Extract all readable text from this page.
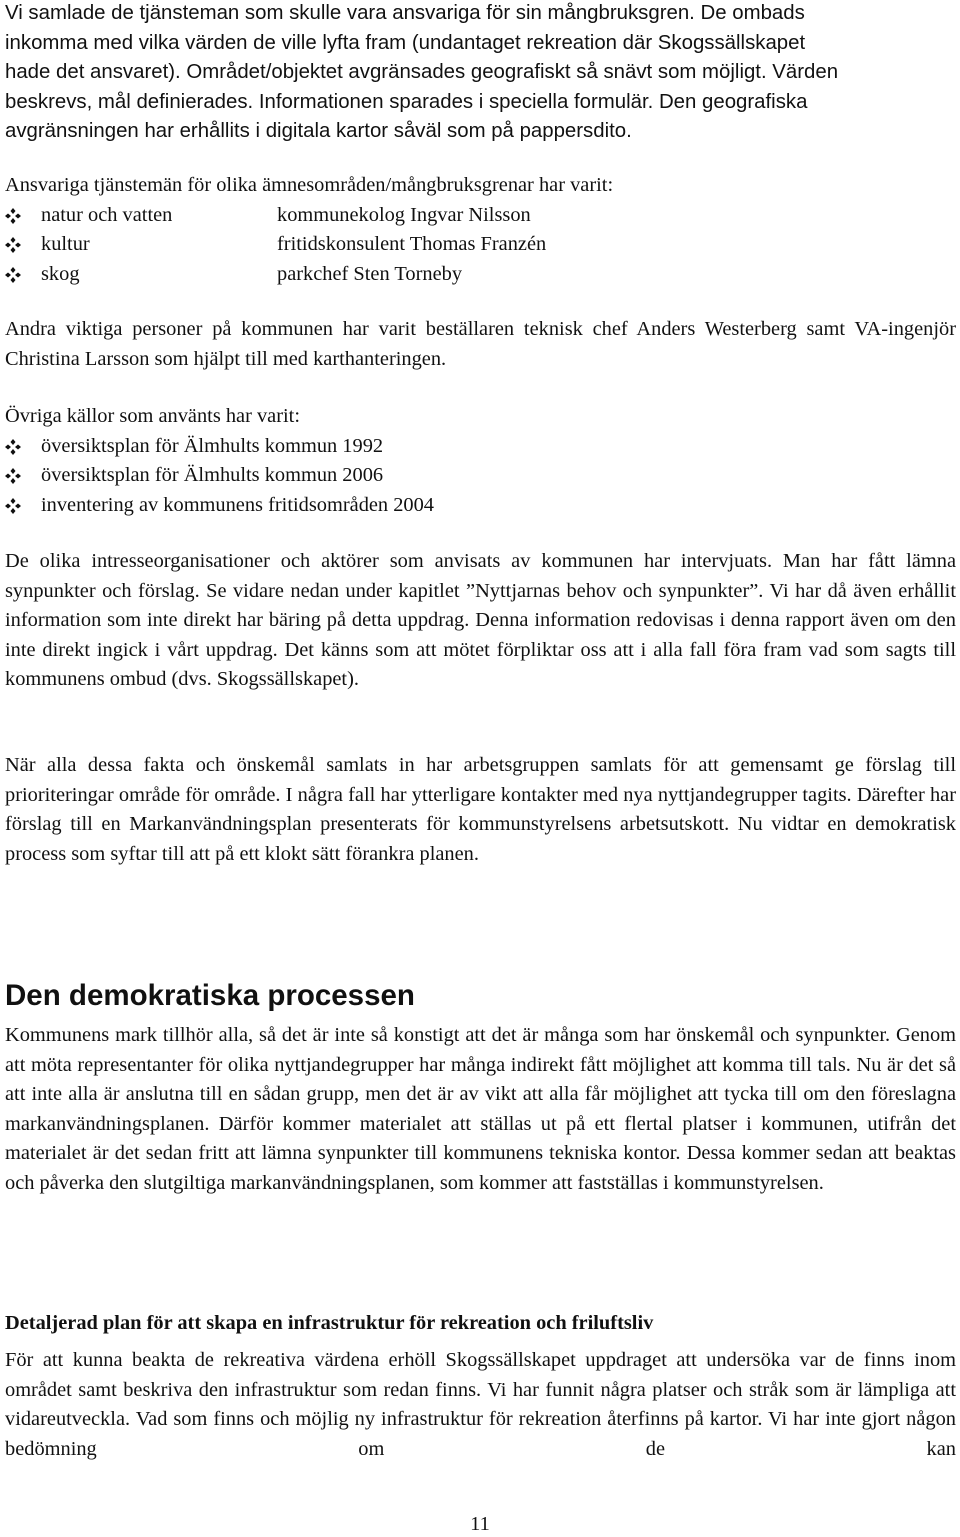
Vi samlade de tjänsteman som skulle vara ansvariga för sin mångbruksgren. De ombads
inkomma med vilka värden de ville lyfta fram (undantaget rekreation där Skogssällskapet
hade det ansvaret). Området/objektet avgränsades geografiskt så snävt som möjligt. Värden
beskrevs, mål definierades. Informationen sparades i speciella formulär. Den geografiska
avgränsningen har erhållits i digitala kartor såväl som på pappersdito.

Ansvariga tjänstemän för olika ämnesområden/mångbruksgrenar har varit:

natur och vatten	kommunekolog Ingvar Nilsson
kultur	fritidskonsulent Thomas Franzén
skog	parkchef Sten Torneby

Andra viktiga personer på kommunen har varit beställaren teknisk chef Anders Westerberg samt VA-ingenjör Christina Larsson som hjälpt till med karthanteringen.

Övriga källor som använts har varit:

översiktsplan för Älmhults kommun 1992
översiktsplan för Älmhults kommun 2006
inventering av kommunens fritidsområden 2004

De olika intresseorganisationer och aktörer som anvisats av kommunen har intervjuats. Man har fått lämna synpunkter och förslag. Se vidare nedan under kapitlet ”Nyttjarnas behov och synpunkter”. Vi har då även erhållit information som inte direkt har bäring på detta uppdrag. Denna information redovisas i denna rapport även om den inte direkt ingick i vårt uppdrag. Det känns som att mötet förpliktar oss att i alla fall föra fram vad som sagts till kommunens ombud (dvs. Skogssällskapet).

När alla dessa fakta och önskemål samlats in har arbetsgruppen samlats för att gemensamt ge förslag till prioriteringar område för område. I några fall har ytterligare kontakter med nya nyttjandegrupper tagits. Därefter har förslag till en Markanvändningsplan presenterats för kommunstyrelsens arbetsutskott. Nu vidtar en demokratisk process som syftar till att på ett klokt sätt förankra planen.

Den demokratiska processen

Kommunens mark tillhör alla, så det är inte så konstigt att det är många som har önskemål och synpunkter. Genom att möta representanter för olika nyttjandegrupper har många indirekt fått möjlighet att komma till tals. Nu är det så att inte alla är anslutna till en sådan grupp, men det är av vikt att alla får möjlighet att tycka till om den föreslagna markanvändningsplanen. Därför kommer materialet att ställas ut på ett flertal platser i kommunen, utifrån det materialet är det sedan fritt att lämna synpunkter till kommunens tekniska kontor. Dessa kommer sedan att beaktas och påverka den slutgiltiga markanvändningsplanen, som kommer att fastställas i kommunstyrelsen.

Detaljerad plan för att skapa en infrastruktur för rekreation och friluftsliv

För att kunna beakta de rekreativa värdena erhöll Skogssällskapet uppdraget att undersöka var de finns inom området samt beskriva den infrastruktur som redan finns. Vi har funnit några platser och stråk som är lämpliga att vidareutveckla. Vad som finns och möjlig ny infrastruktur för rekreation återfinns på kartor. Vi har inte gjort någon bedömning om de kan

11
